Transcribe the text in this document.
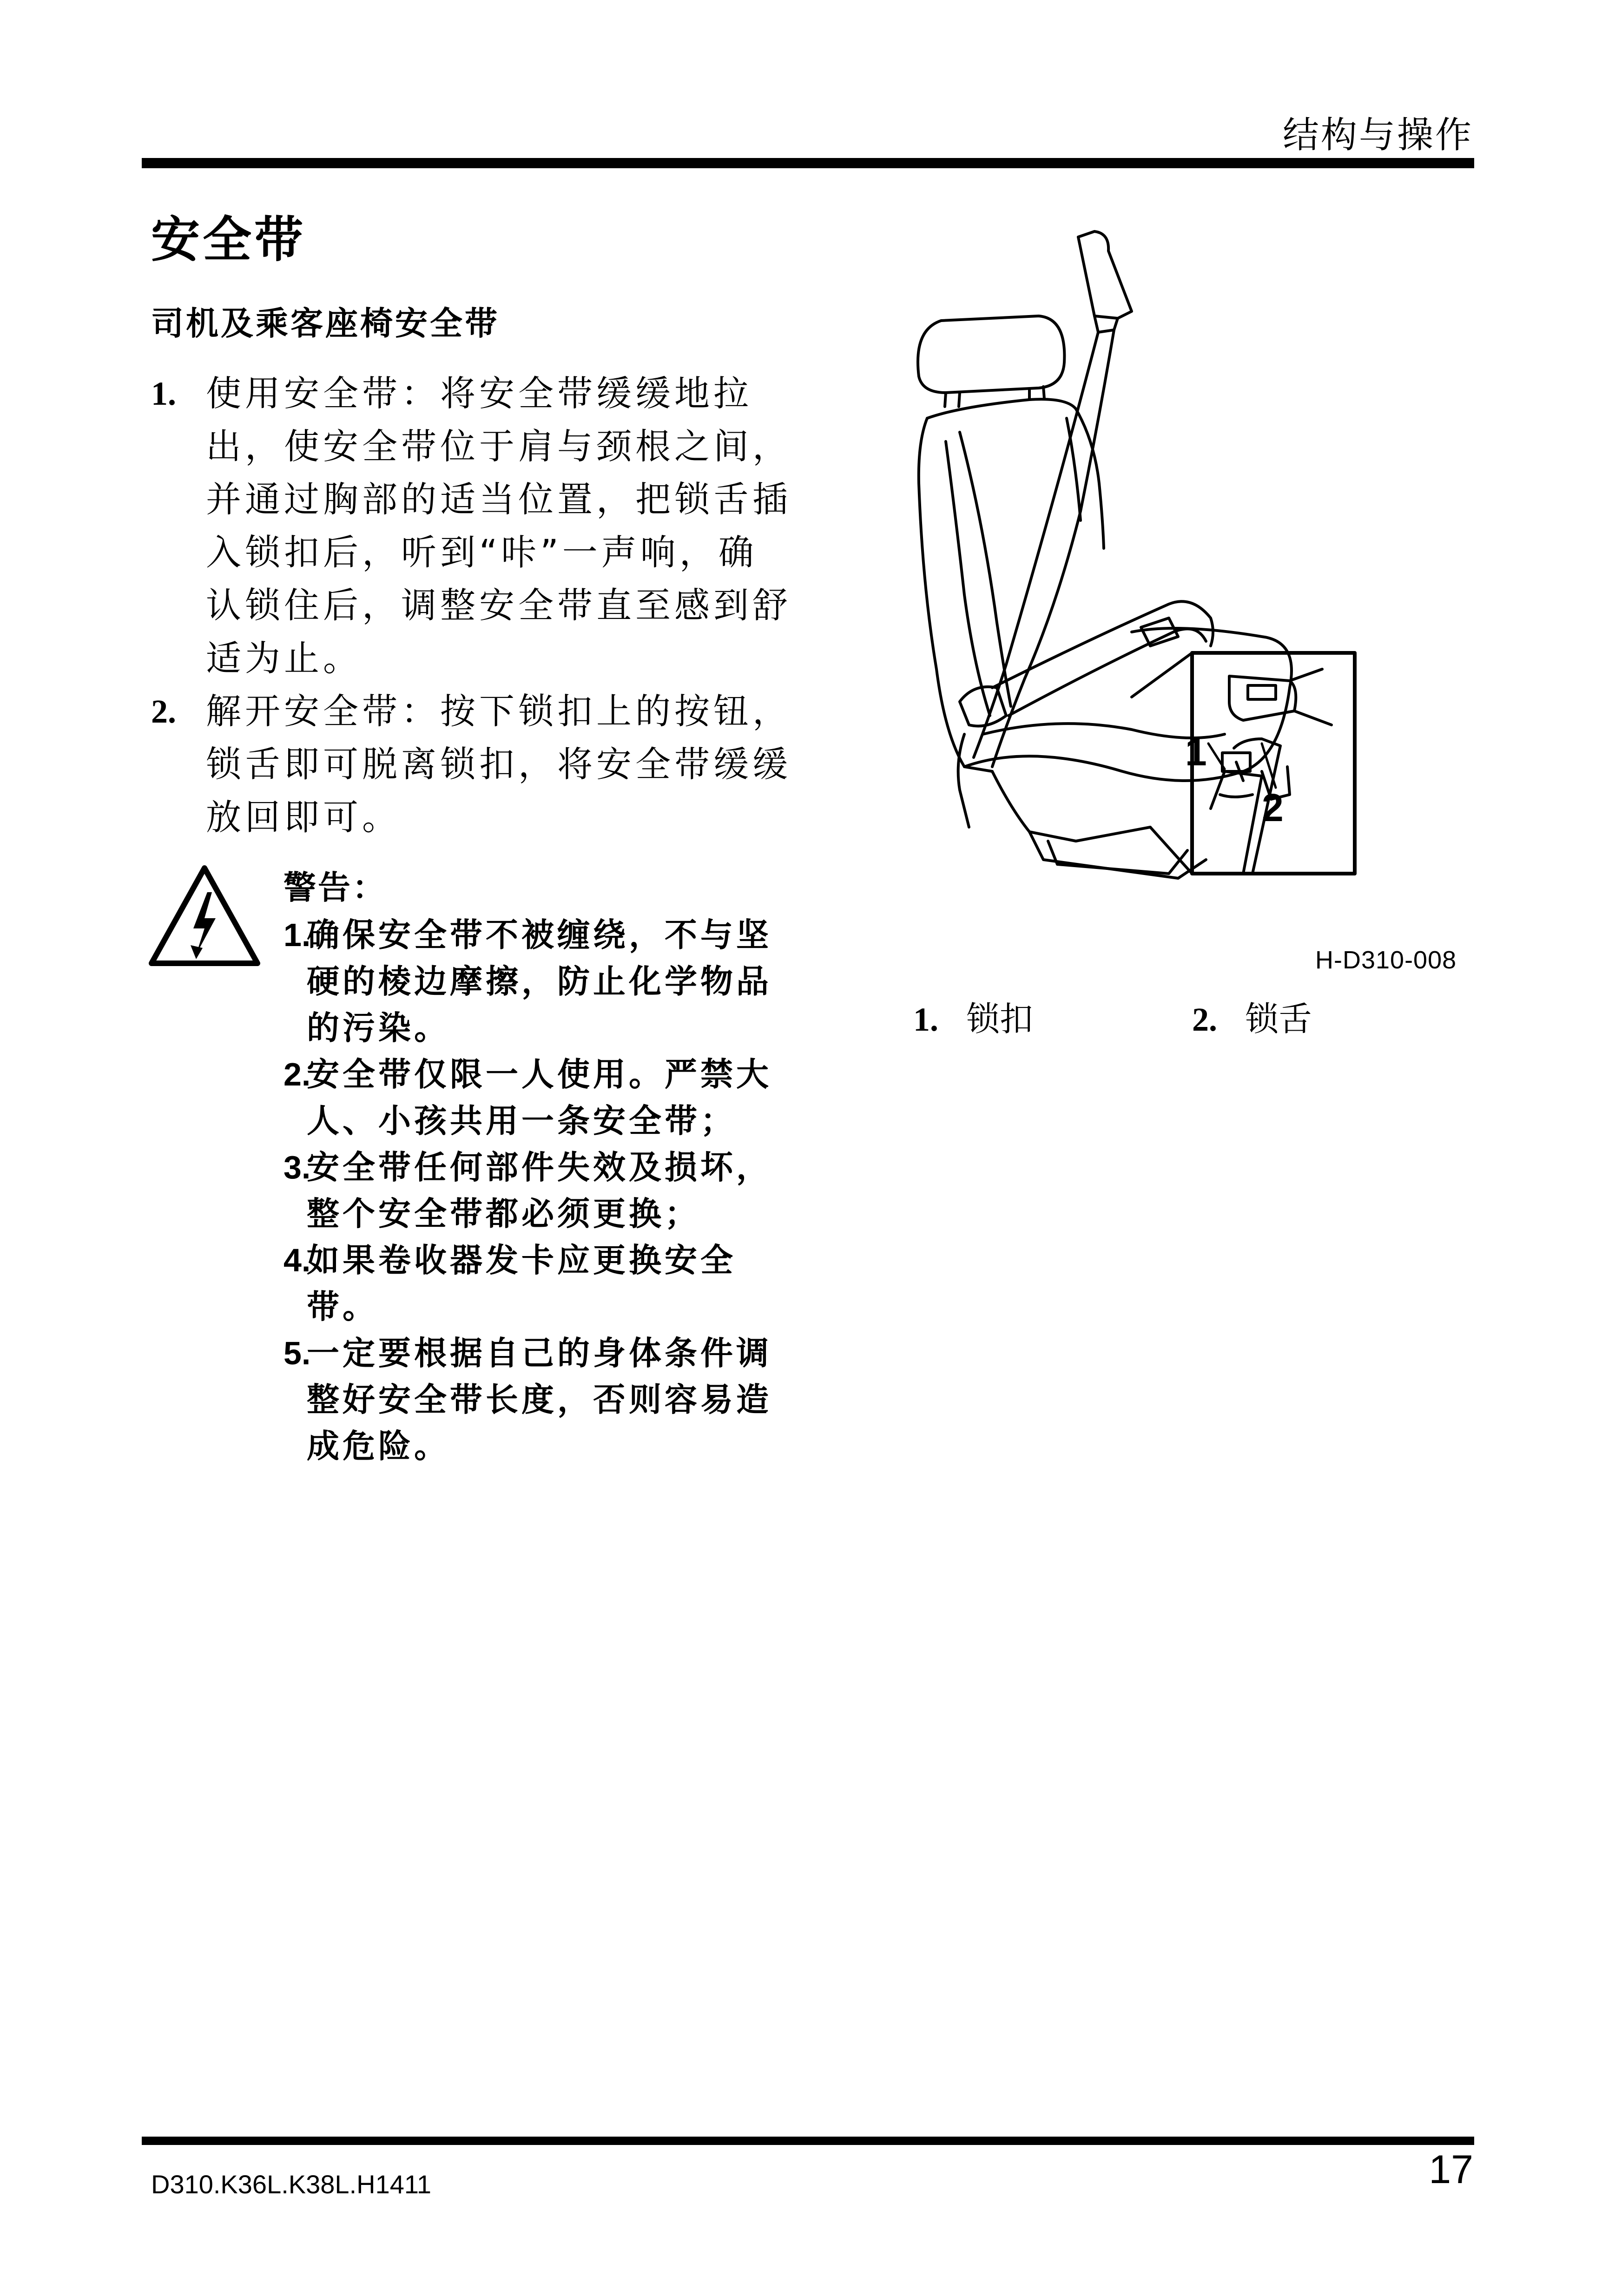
结构与操作
安全带
司机及乘客座椅安全带
1. 使用安全带：将安全带缓缓地拉出，使安全带位于肩与颈根之间，并通过胸部的适当位置，把锁舌插入锁扣后，听到“咔”一声响，确认锁住后，调整安全带直至感到舒适为止。
2. 解开安全带：按下锁扣上的按钮，锁舌即可脱离锁扣，将安全带缓缓放回即可。
警告：
1.
确保安全带不被缠绕，不与坚硬的棱边摩擦，防止化学物品的污染。
2.
安全带仅限一人使用。严禁大人、小孩共用一条安全带；
3.
安全带任何部件失效及损坏，整个安全带都必须更换；
4.
如果卷收器发卡应更换安全带。
5.
一定要根据自己的身体条件调整好安全带长度，否则容易造成危险。
1
2
H-D310-008
1. 锁扣	2. 锁舌
D310.K36L.K38L.H1411	17
